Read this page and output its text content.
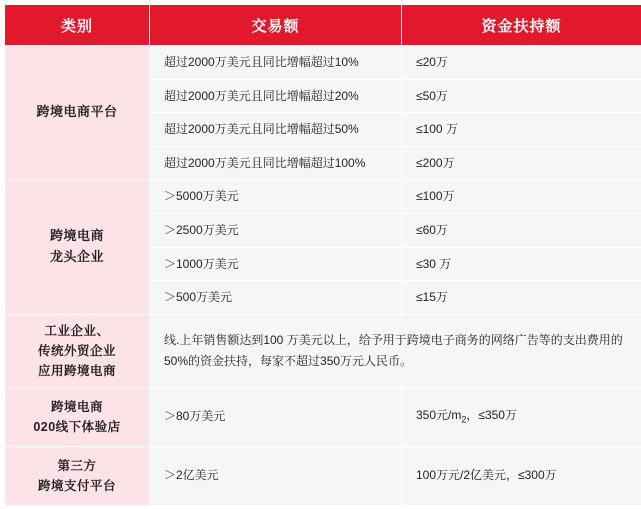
类别	交易额	资金扶持额
跨境电商平台	超过2000万美元且同比增幅超过10%	≤20万
	超过2000万美元且同比增幅超过20%	≤50万
	超过2000万美元且同比增幅超过50%	≤100 万
	超过2000万美元且同比增幅超过100%	≤200万

跨境电商
龙头企业	＞5000万美元	≤100万
	＞2500万美元	≤60万
	＞1000万美元	≤30 万
	＞500万美元	≤15万

工业企业、
传统外贸企业
应用跨境电商	线.上年销售额达到100 万美元以上，给予用于跨境电子商务的网络广告等的支出费用的50%的资金扶持，每家不超过350万元人民币。	

跨境电商
020线下体验店	＞80万美元	350元$/m_2$，≤350万

第三方
跨境支付平台	＞2亿美元	100万元/2亿美元，≤300万
